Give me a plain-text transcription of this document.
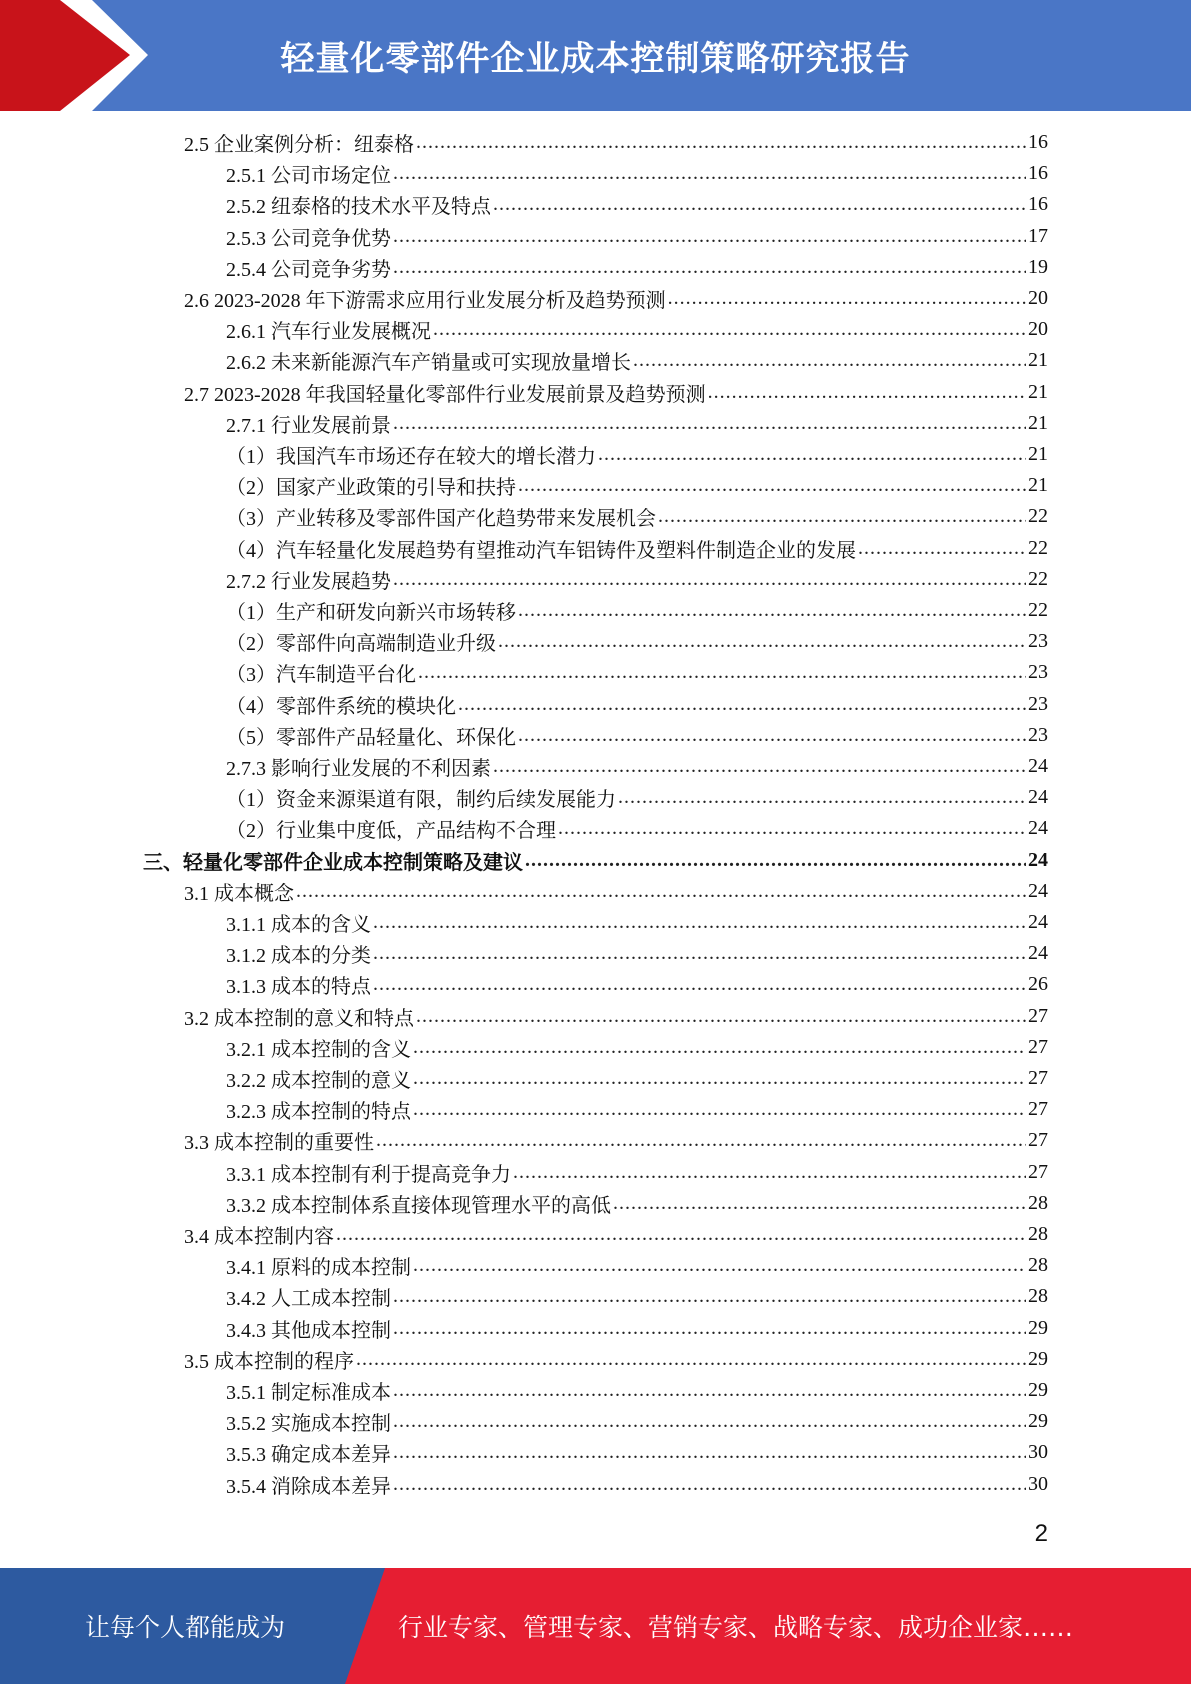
轻量化零部件企业成本控制策略研究报告
2.5 企业案例分析：纽泰格 .....	16
2.5.1 公司市场定位 .....	16
2.5.2 纽泰格的技术水平及特点 .....	16
2.5.3 公司竞争优势 .....	17
2.5.4 公司竞争劣势 .....	19
2.6 2023-2028 年下游需求应用行业发展分析及趋势预测 .....	20
2.6.1 汽车行业发展概况 .....	20
2.6.2 未来新能源汽车产销量或可实现放量增长 .....	21
2.7 2023-2028 年我国轻量化零部件行业发展前景及趋势预测 .....	21
2.7.1 行业发展前景 .....	21
（1）我国汽车市场还存在较大的增长潜力 .....	21
（2）国家产业政策的引导和扶持 .....	21
（3）产业转移及零部件国产化趋势带来发展机会 .....	22
（4）汽车轻量化发展趋势有望推动汽车铝铸件及塑料件制造企业的发展 .....	22
2.7.2 行业发展趋势 .....	22
（1）生产和研发向新兴市场转移 .....	22
（2）零部件向高端制造业升级 .....	23
（3）汽车制造平台化 .....	23
（4）零部件系统的模块化 .....	23
（5）零部件产品轻量化、环保化 .....	23
2.7.3 影响行业发展的不利因素 .....	24
（1）资金来源渠道有限，制约后续发展能力 .....	24
（2）行业集中度低，产品结构不合理 .....	24
三、轻量化零部件企业成本控制策略及建议 .....	24
3.1 成本概念 .....	24
3.1.1 成本的含义 .....	24
3.1.2 成本的分类 .....	24
3.1.3 成本的特点 .....	26
3.2 成本控制的意义和特点 .....	27
3.2.1 成本控制的含义 .....	27
3.2.2 成本控制的意义 .....	27
3.2.3 成本控制的特点 .....	27
3.3 成本控制的重要性 .....	27
3.3.1 成本控制有利于提高竞争力 .....	27
3.3.2 成本控制体系直接体现管理水平的高低 .....	28
3.4 成本控制内容 .....	28
3.4.1 原料的成本控制 .....	28
3.4.2 人工成本控制 .....	28
3.4.3 其他成本控制 .....	29
3.5 成本控制的程序 .....	29
3.5.1 制定标准成本 .....	29
3.5.2 实施成本控制 .....	29
3.5.3 确定成本差异 .....	30
3.5.4 消除成本差异 .....	30
2
让每个人都能成为	行业专家、管理专家、营销专家、战略专家、成功企业家……
